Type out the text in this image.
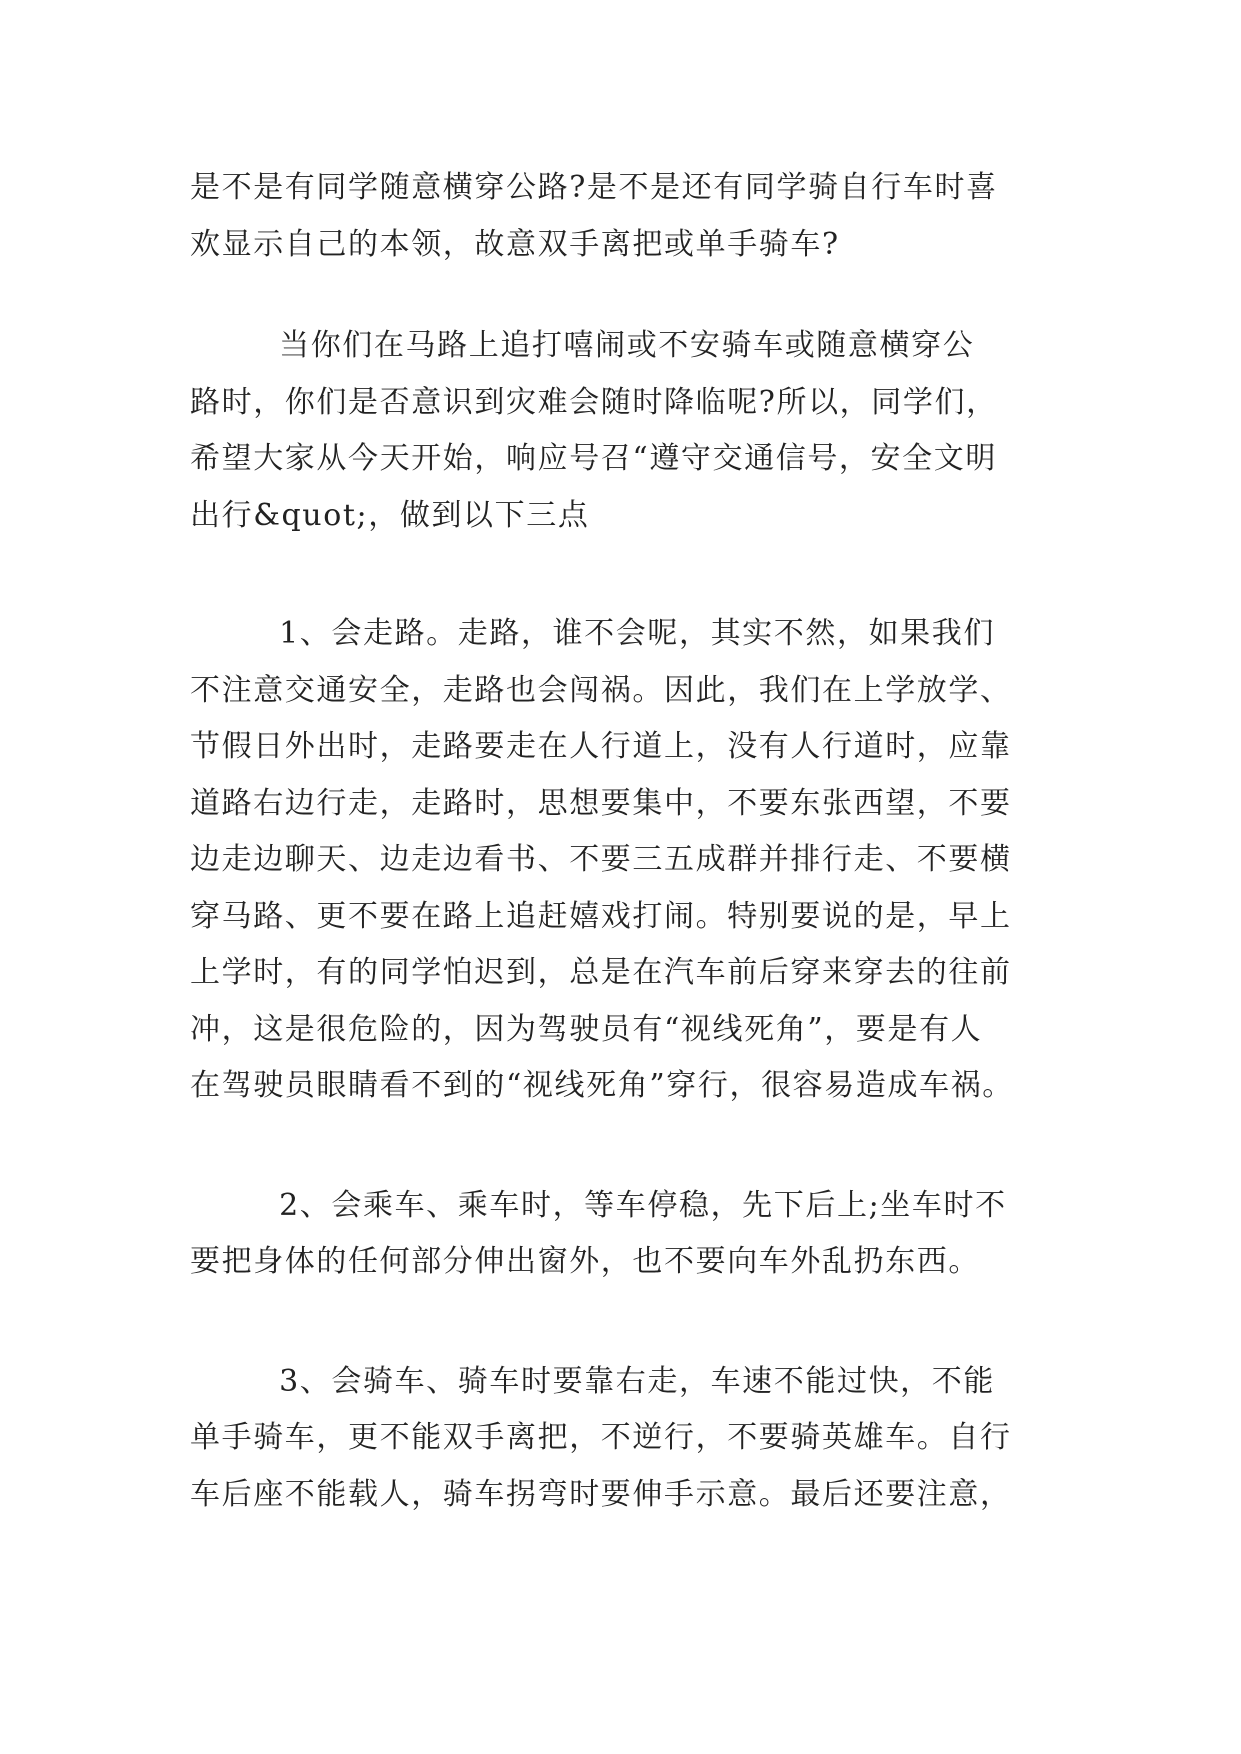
是不是有同学随意横穿公路?是不是还有同学骑自行车时喜
欢显示自己的本领，故意双手离把或单手骑车?

当你们在马路上追打嘻闹或不安骑车或随意横穿公
路时，你们是否意识到灾难会随时降临呢?所以，同学们，
希望大家从今天开始，响应号召“遵守交通信号，安全文明
出行&quot;，做到以下三点

1、会走路。走路，谁不会呢，其实不然，如果我们
不注意交通安全，走路也会闯祸。因此，我们在上学放学、
节假日外出时，走路要走在人行道上，没有人行道时，应靠
道路右边行走，走路时，思想要集中，不要东张西望，不要
边走边聊天、边走边看书、不要三五成群并排行走、不要横
穿马路、更不要在路上追赶嬉戏打闹。特别要说的是，早上
上学时，有的同学怕迟到，总是在汽车前后穿来穿去的往前
冲，这是很危险的，因为驾驶员有“视线死角”，要是有人
在驾驶员眼睛看不到的“视线死角”穿行，很容易造成车祸。

2、会乘车、乘车时，等车停稳，先下后上;坐车时不
要把身体的任何部分伸出窗外，也不要向车外乱扔东西。

3、会骑车、骑车时要靠右走，车速不能过快，不能
单手骑车，更不能双手离把，不逆行，不要骑英雄车。自行
车后座不能载人，骑车拐弯时要伸手示意。最后还要注意，
